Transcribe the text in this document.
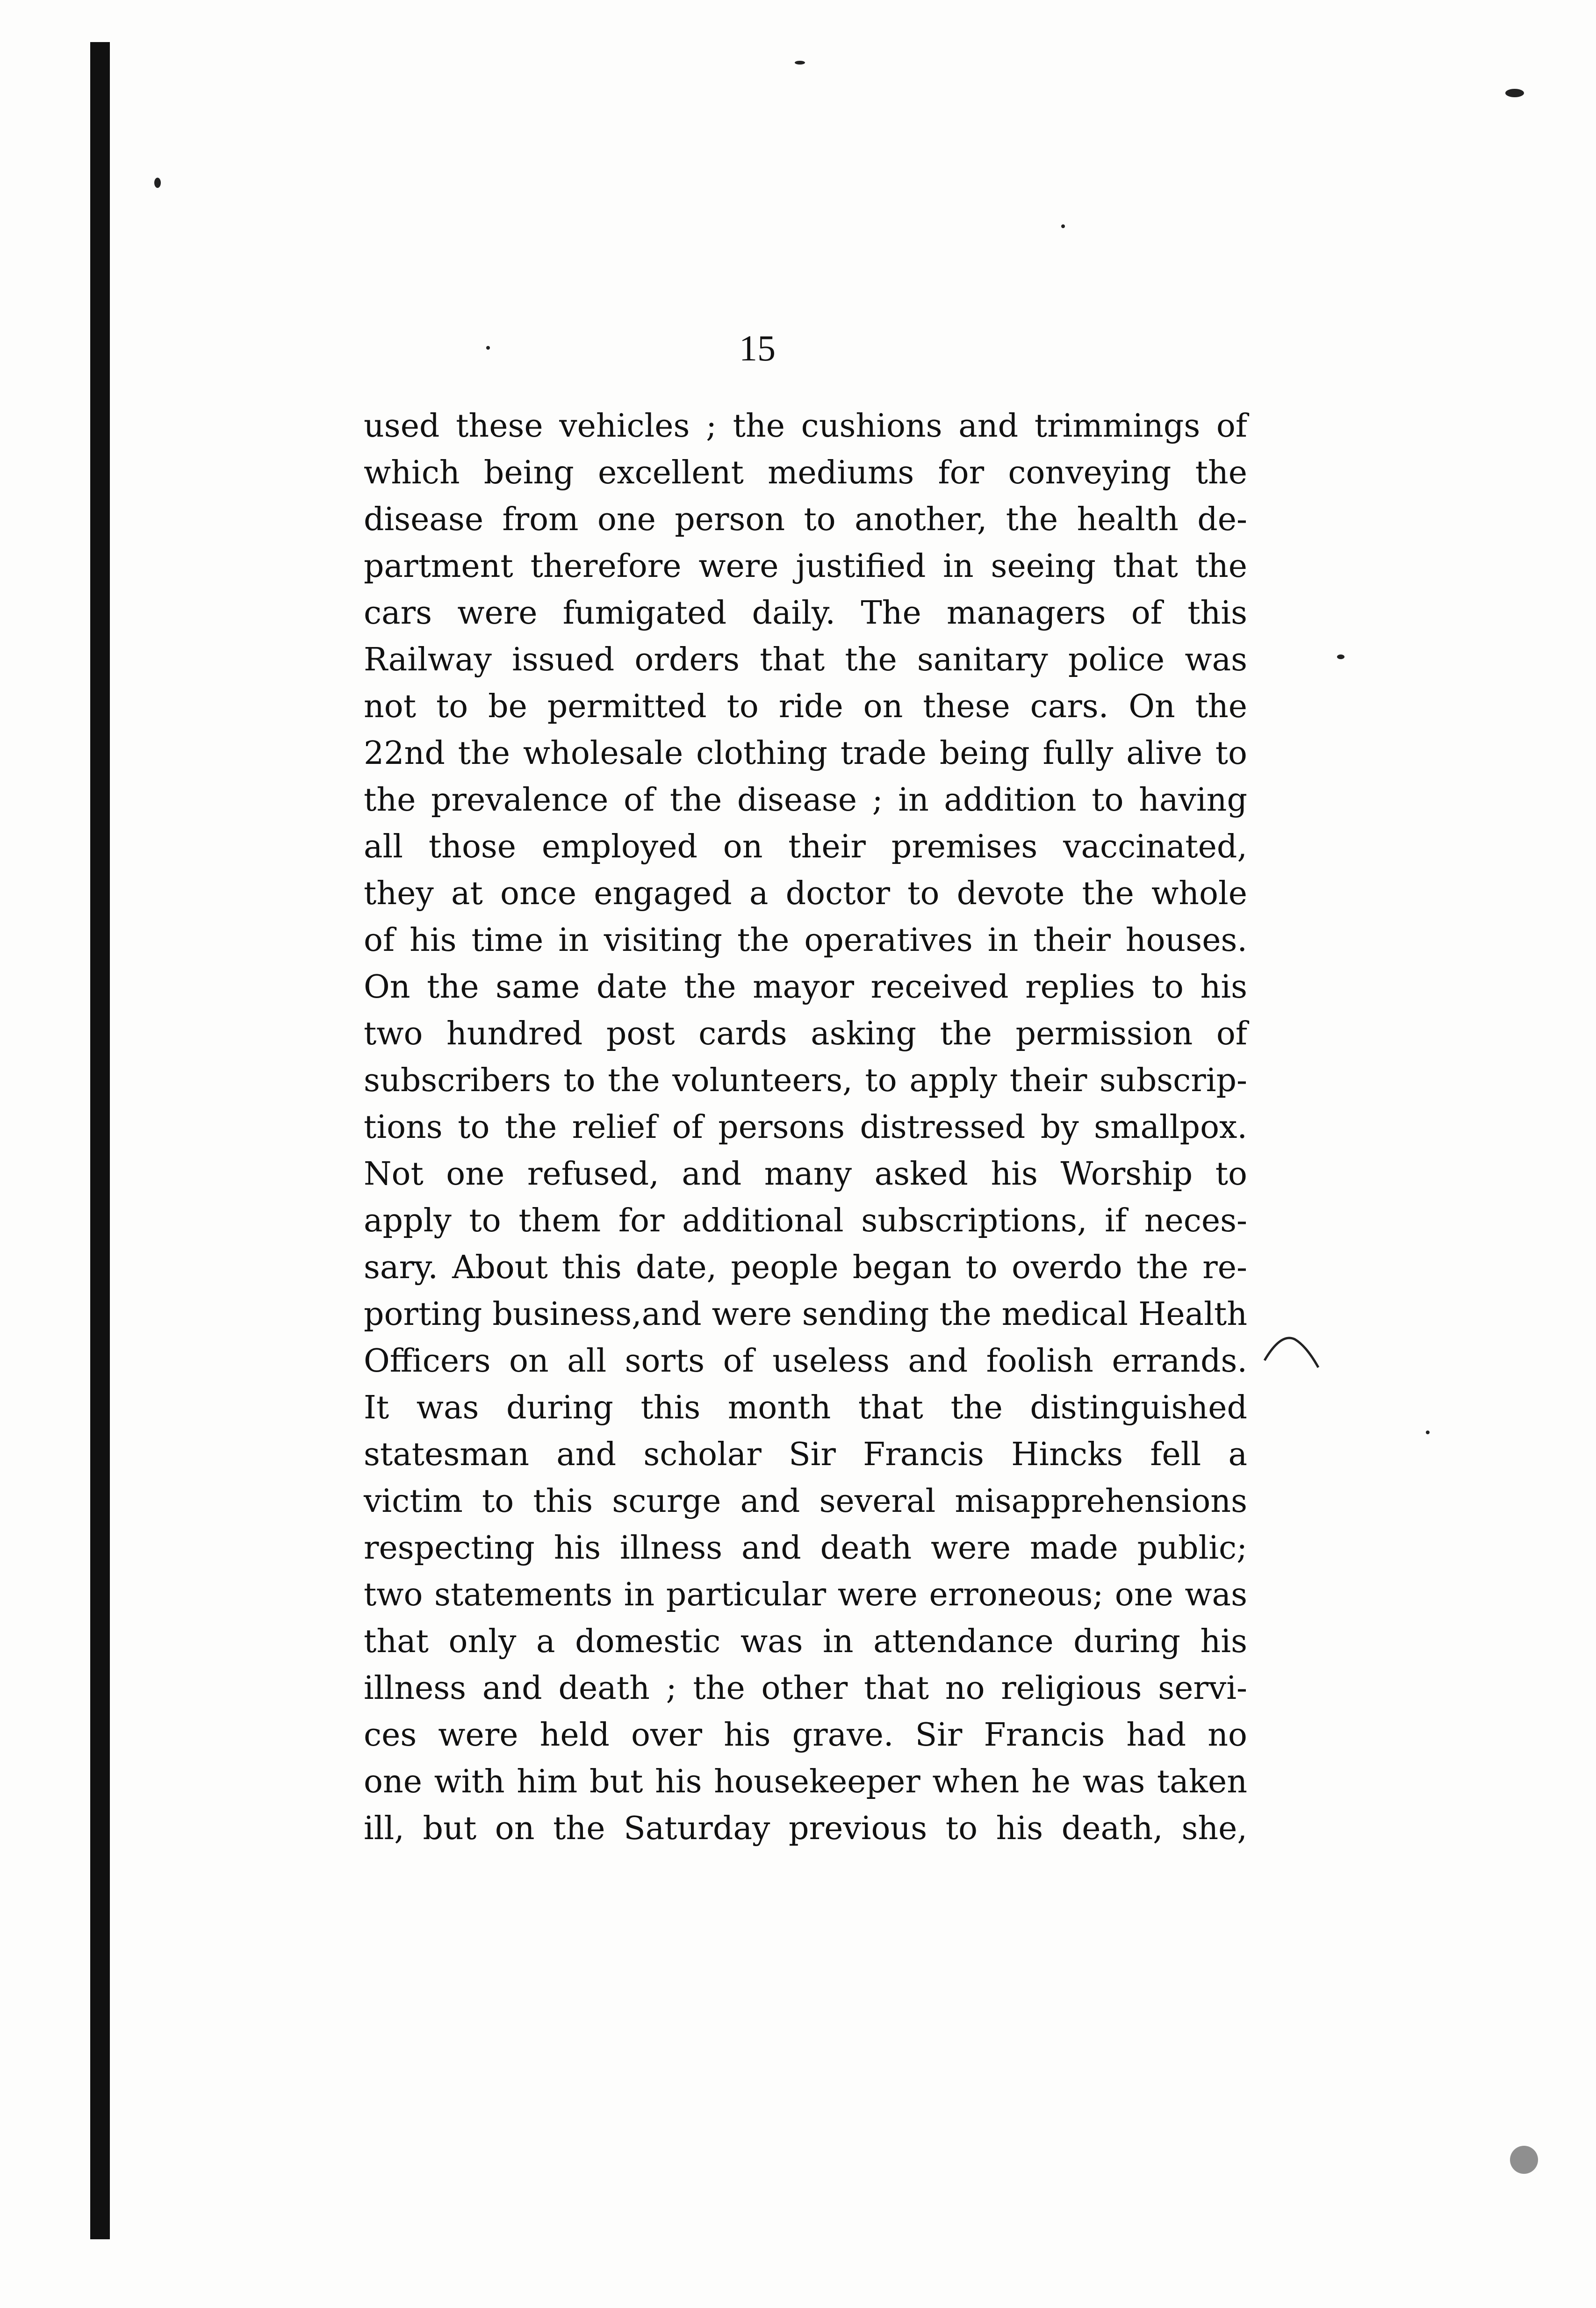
15
used these vehicles ; the cushions and trimmings of
which being excellent mediums for conveying the
disease from one person to another, the health de-
partment therefore were justified in seeing that the
cars were fumigated daily. The managers of this
Railway issued orders that the sanitary police was
not to be permitted to ride on these cars. On the
22nd the wholesale clothing trade being fully alive to
the prevalence of the disease ; in addition to having
all those employed on their premises vaccinated,
they at once engaged a doctor to devote the whole
of his time in visiting the operatives in their houses.
On the same date the mayor received replies to his
two hundred post cards asking the permission of
subscribers to the volunteers, to apply their subscrip-
tions to the relief of persons distressed by smallpox.
Not one refused, and many asked his Worship to
apply to them for additional subscriptions, if neces-
sary. About this date, people began to overdo the re-
porting business,and were sending the medical Health
Officers on all sorts of useless and foolish errands.
It was during this month that the distinguished
statesman and scholar Sir Francis Hincks fell a
victim to this scurge and several misapprehensions
respecting his illness and death were made public;
two statements in particular were erroneous; one was
that only a domestic was in attendance during his
illness and death ; the other that no religious servi-
ces were held over his grave. Sir Francis had no
one with him but his housekeeper when he was taken
ill, but on the Saturday previous to his death, she,
